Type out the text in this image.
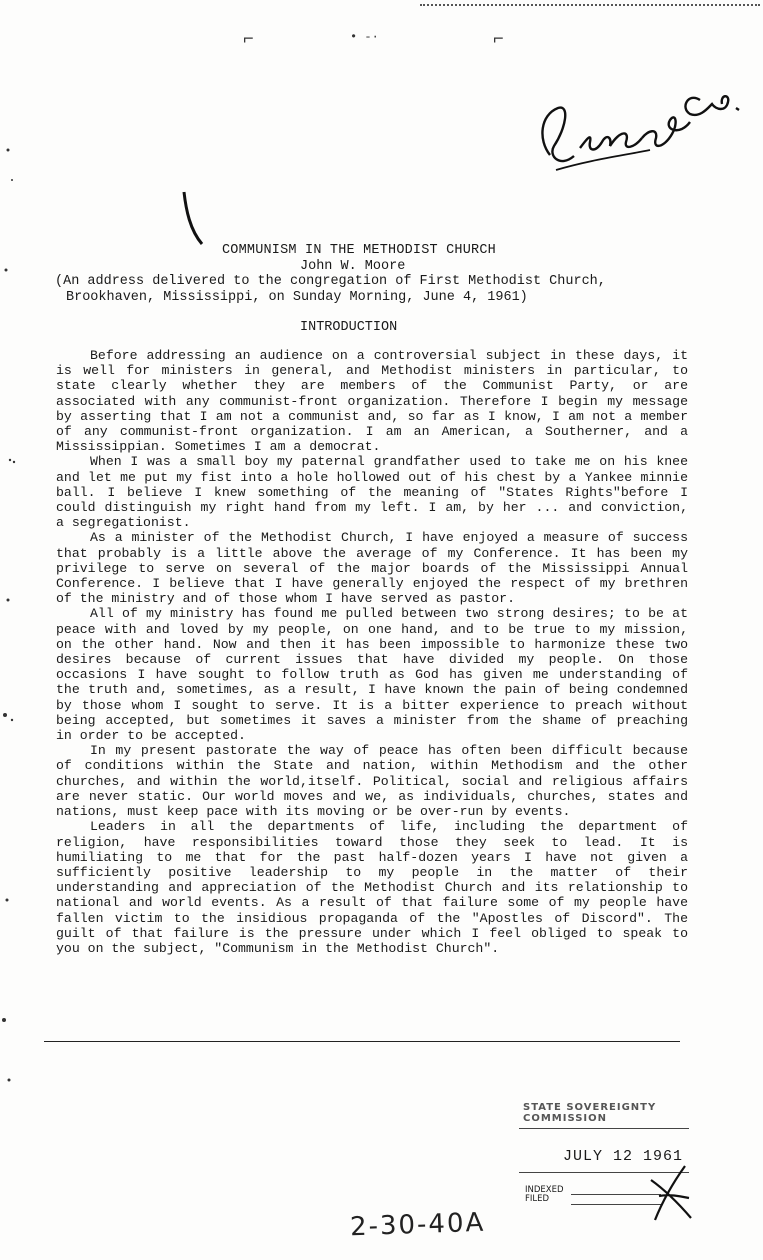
⌐	• -·	⌐
COMMUNISM IN THE METHODIST CHURCH
John W. Moore
(An address delivered to the congregation of First Methodist Church,
Brookhaven, Mississippi, on Sunday Morning, June 4, 1961)
INTRODUCTION

Before addressing an audience on a controversial subject in these days, it is well for ministers in general, and Methodist ministers in particular, to state clearly whether they are members of the Communist Party, or are associated with any communist-front organization. Therefore I begin my message by asserting that I am not a communist and, so far as I know, I am not a member of any communist-front organization. I am an American, a Southerner, and a Mississippian. Sometimes I am a democrat.

When I was a small boy my paternal grandfather used to take me on his knee and let me put my fist into a hole hollowed out of his chest by a Yankee minnie ball. I believe I knew something of the meaning of "States Rights"before I could distinguish my right hand from my left. I am, by her ... and conviction, a segregationist.

As a minister of the Methodist Church, I have enjoyed a measure of success that probably is a little above the average of my Conference. It has been my privilege to serve on several of the major boards of the Mississippi Annual Conference. I believe that I have generally enjoyed the respect of my brethren of the ministry and of those whom I have served as pastor.

All of my ministry has found me pulled between two strong desires; to be at peace with and loved by my people, on one hand, and to be true to my mission, on the other hand. Now and then it has been impossible to harmonize these two desires because of current issues that have divided my people. On those occasions I have sought to follow truth as God has given me understanding of the truth and, sometimes, as a result, I have known the pain of being condemned by those whom I sought to serve. It is a bitter experience to preach without being accepted, but sometimes it saves a minister from the shame of preaching in order to be accepted.

In my present pastorate the way of peace has often been difficult because of conditions within the State and nation, within Methodism and the other churches, and within the world,itself. Political, social and religious affairs are never static. Our world moves and we, as individuals, churches, states and nations, must keep pace with its moving or be over-run by events.

Leaders in all the departments of life, including the department of religion, have responsibilities toward those they seek to lead. It is humiliating to me that for the past half-dozen years I have not given a sufficiently positive leadership to my people in the matter of their understanding and appreciation of the Methodist Church and its relationship to national and world events. As a result of that failure some of my people have fallen victim to the insidious propaganda of the "Apostles of Discord". The guilt of that failure is the pressure under which I feel obliged to speak to you on the subject, "Communism in the Methodist Church".

STATE SOVEREIGNTY COMMISSION
JULY 12 1961
INDEXED
FILED
2-30-40A
